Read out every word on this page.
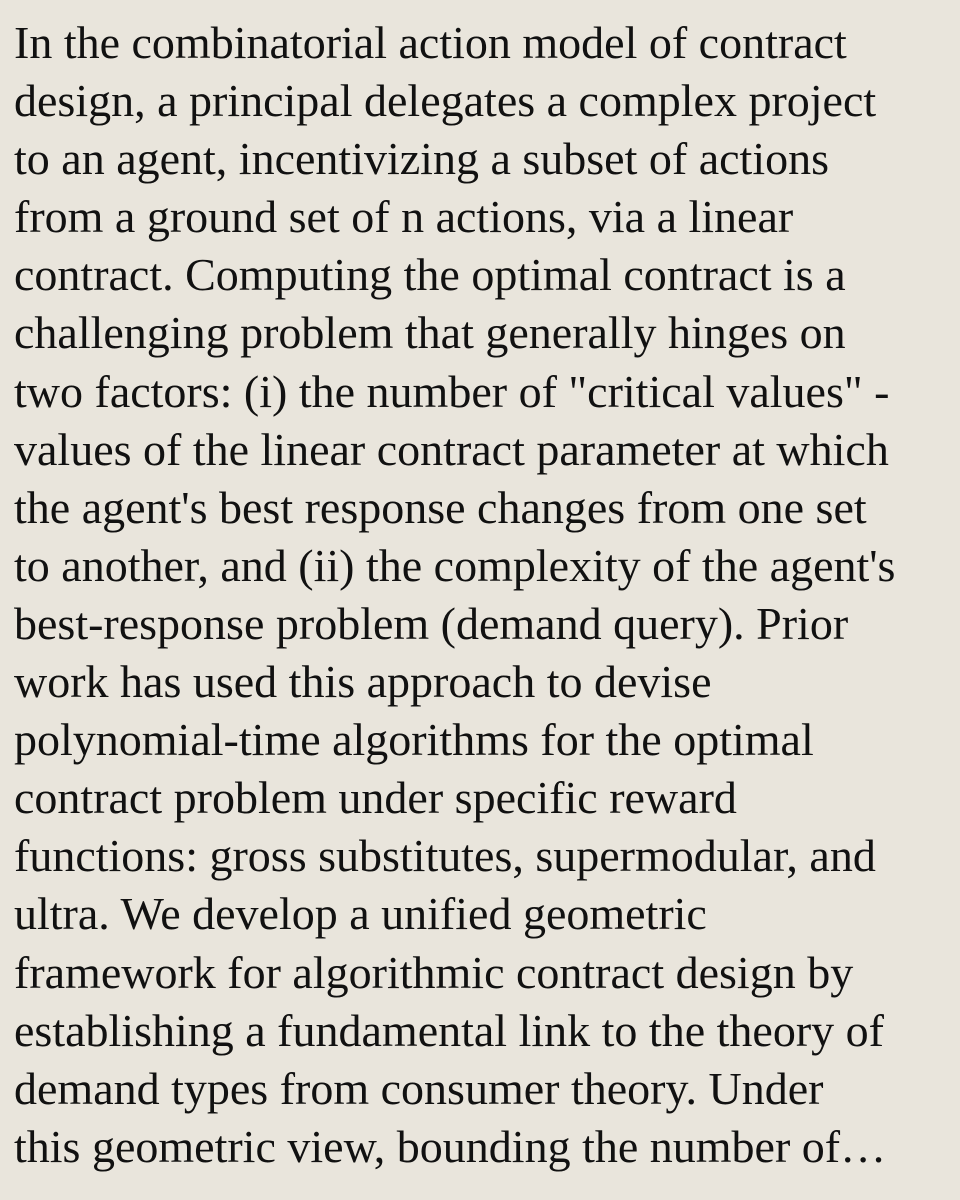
In the combinatorial action model of contract
design, a principal delegates a complex project
to an agent, incentivizing a subset of actions
from a ground set of n actions, via a linear
contract. Computing the optimal contract is a
challenging problem that generally hinges on
two factors: (i) the number of "critical values" -
values of the linear contract parameter at which
the agent's best response changes from one set
to another, and (ii) the complexity of the agent's
best-response problem (demand query). Prior
work has used this approach to devise
polynomial-time algorithms for the optimal
contract problem under specific reward
functions: gross substitutes, supermodular, and
ultra. We develop a unified geometric
framework for algorithmic contract design by
establishing a fundamental link to the theory of
demand types from consumer theory. Under
this geometric view, bounding the number of…
